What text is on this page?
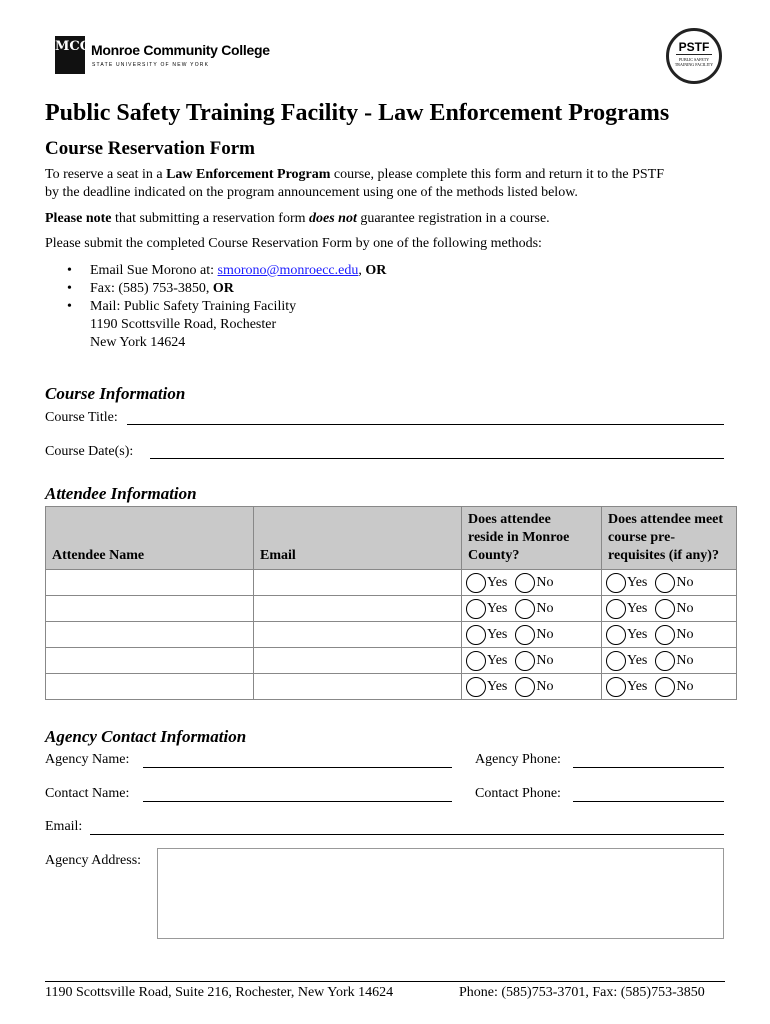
MCC Monroe Community College
STATE UNIVERSITY OF NEW YORK
PSTF
PUBLIC SAFETY TRAINING FACILITY
Public Safety Training Facility - Law Enforcement Programs
Course Reservation Form
To reserve a seat in a Law Enforcement Program course, please complete this form and return it to the PSTF
by the deadline indicated on the program announcement using one of the methods listed below.
Please note that submitting a reservation form does not guarantee registration in a course.
Please submit the completed Course Reservation Form by one of the following methods:
• Email Sue Morono at: smorono@monroecc.edu, OR
• Fax: (585) 753-3850, OR
• Mail: Public Safety Training Facility
1190 Scottsville Road, Rochester
New York 14624
Course Information
Course Title:
Course Date(s):
Attendee Information
Attendee Name	Email	Does attendee
reside in Monroe
County?	Does attendee meet
course pre-
requisites (if any)?
		Yes No	Yes No
		Yes No	Yes No
		Yes No	Yes No
		Yes No	Yes No
		Yes No	Yes No
Agency Contact Information
Agency Name:	Agency Phone:
Contact Name:	Contact Phone:
Email:
Agency Address:
1190 Scottsville Road, Suite 216, Rochester, New York 14624	Phone: (585)753-3701, Fax: (585)753-3850
